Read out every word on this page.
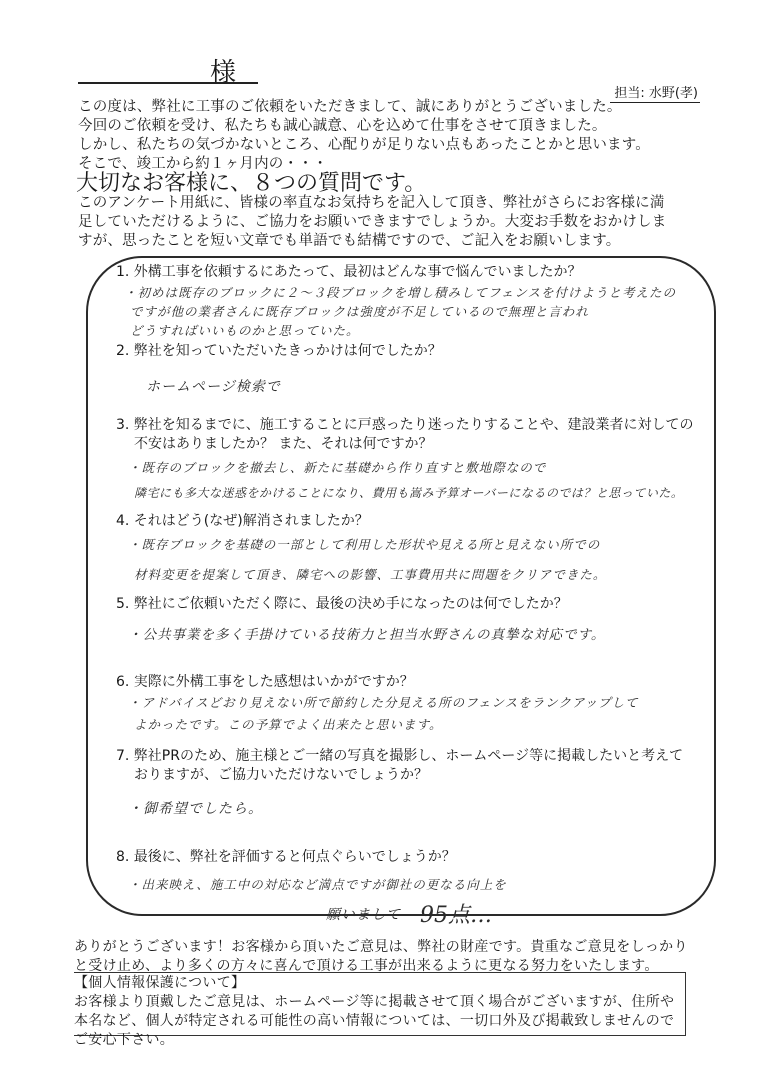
様
担当: 水野(孝)
この度は、弊社に工事のご依頼をいただきまして、誠にありがとうございました。
今回のご依頼を受け、私たちも誠心誠意、心を込めて仕事をさせて頂きました。
しかし、私たちの気づかないところ、心配りが足りない点もあったことかと思います。
そこで、竣工から約１ヶ月内の・・・
大切なお客様に、８つの質問です。
このアンケート用紙に、皆様の率直なお気持ちを記入して頂き、弊社がさらにお客様に満
足していただけるように、ご協力をお願いできますでしょうか。大変お手数をおかけしま
すが、思ったことを短い文章でも単語でも結構ですので、ご記入をお願いします。
1. 外構工事を依頼するにあたって、最初はどんな事で悩んでいましたか？
・初めは既存のブロックに２〜３段ブロックを増し積みしてフェンスを付けようと考えたの
ですが他の業者さんに既存ブロックは強度が不足しているので無理と言われ
どうすればいいものかと思っていた。
2. 弊社を知っていただいたきっかけは何でしたか？
ホームページ検索で
3. 弊社を知るまでに、施工することに戸惑ったり迷ったりすることや、建設業者に対しての
不安はありましたか？ また、それは何ですか？
・既存のブロックを撤去し、新たに基礎から作り直すと敷地際なので
隣宅にも多大な迷惑をかけることになり、費用も嵩み予算オーバーになるのでは？と思っていた。
4. それはどう(なぜ)解消されましたか？
・既存ブロックを基礎の一部として利用した形状や見える所と見えない所での
材料変更を提案して頂き、隣宅への影響、工事費用共に問題をクリアできた。
5. 弊社にご依頼いただく際に、最後の決め手になったのは何でしたか？
・公共事業を多く手掛けている技術力と担当水野さんの真摯な対応です。
6. 実際に外構工事をした感想はいかがですか？
・アドバイスどおり見えない所で節約した分見える所のフェンスをランクアップして
よかったです。この予算でよく出来たと思います。
7. 弊社PRのため、施主様とご一緒の写真を撮影し、ホームページ等に掲載したいと考えて
おりますが、ご協力いただけないでしょうか？
・御希望でしたら。
8. 最後に、弊社を評価すると何点ぐらいでしょうか？
・出来映え、施工中の対応など満点ですが御社の更なる向上を
願いまして 95点…
ありがとうございます！お客様から頂いたご意見は、弊社の財産です。貴重なご意見をしっかり
と受け止め、より多くの方々に喜んで頂ける工事が出来るように更なる努力をいたします。
【個人情報保護について】
お客様より頂戴したご意見は、ホームページ等に掲載させて頂く場合がございますが、住所や
本名など、個人が特定される可能性の高い情報については、一切口外及び掲載致しませんので
ご安心下さい。
